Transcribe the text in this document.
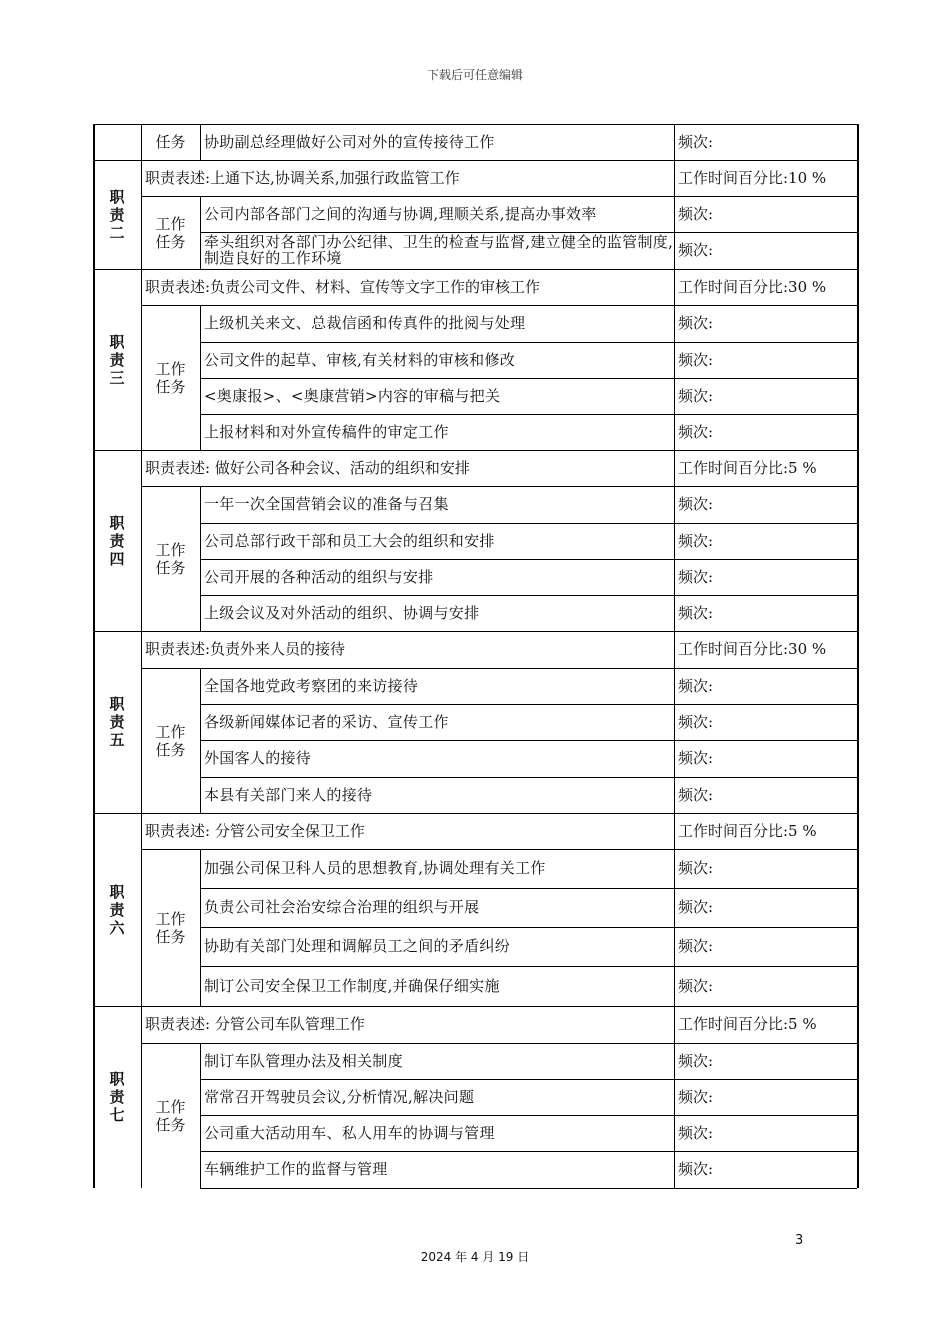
下载后可任意编辑
任务 协助副总经理做好公司对外的宣传接待工作	频次:
职
责
二
职责表述:上通下达,协调关系,加强行政监管工作	工作时间百分比:10 %
工作
任务
公司内部各部门之间的沟通与协调,理顺关系,提高办事效率	频次:
牵头组织对各部门办公纪律、卫生的检查与监督,建立健全的监管制度,制造良好的工作环境	频次:
职
责
三
职责表述:负责公司文件、材料、宣传等文字工作的审核工作	工作时间百分比:30 %
工作
任务
上级机关来文、总裁信函和传真件的批阅与处理	频次:
公司文件的起草、审核,有关材料的审核和修改	频次:
<奥康报>、<奥康营销>内容的审稿与把关	频次:
上报材料和对外宣传稿件的审定工作	频次:
职
责
四
职责表述: 做好公司各种会议、活动的组织和安排	工作时间百分比:5 %
工作
任务
一年一次全国营销会议的准备与召集	频次:
公司总部行政干部和员工大会的组织和安排	频次:
公司开展的各种活动的组织与安排	频次:
上级会议及对外活动的组织、协调与安排	频次:
职
责
五
职责表述:负责外来人员的接待	工作时间百分比:30 %
工作
任务
全国各地党政考察团的来访接待	频次:
各级新闻媒体记者的采访、宣传工作	频次:
外国客人的接待	频次:
本县有关部门来人的接待	频次:
职
责
六
职责表述: 分管公司安全保卫工作	工作时间百分比:5 %
工作
任务
加强公司保卫科人员的思想教育,协调处理有关工作	频次:
负责公司社会治安综合治理的组织与开展	频次:
协助有关部门处理和调解员工之间的矛盾纠纷	频次:
制订公司安全保卫工作制度,并确保仔细实施	频次:
职
责
七
职责表述: 分管公司车队管理工作	工作时间百分比:5 %
工作
任务
制订车队管理办法及相关制度	频次:
常常召开驾驶员会议,分析情况,解决问题	频次:
公司重大活动用车、私人用车的协调与管理	频次:
车辆维护工作的监督与管理	频次:
3
2024 年 4 月 19 日
